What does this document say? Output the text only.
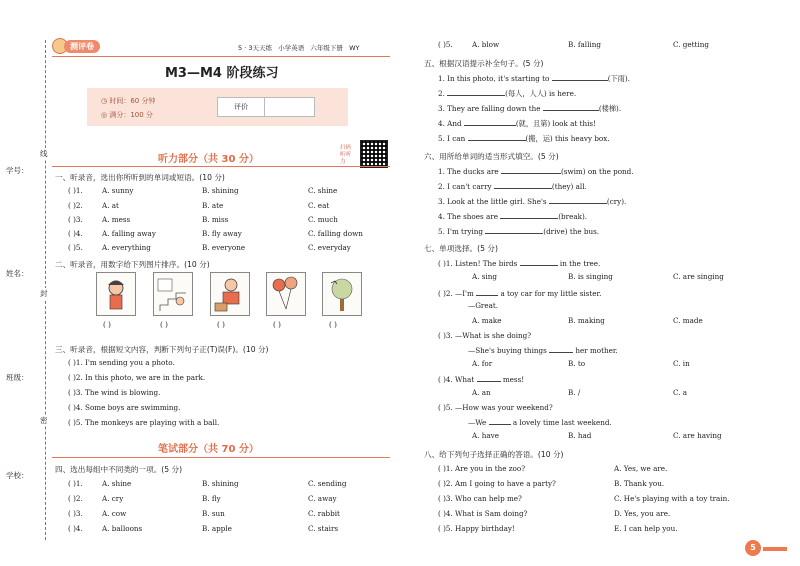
学号：
线
姓名：
封
班级：
密
学校：
测评卷	5 · 3天天练 小学英语 六年级下册 WY
M3—M4 阶段练习
◷ 时间：60 分钟
◎ 满分：100 分
评价
听力部分（共 30 分）
扫码 听听力
一、听录音，选出你所听到的单词或短语。(10 分)
( )1.	A. sunny	B. shining	C. shine
( )2.	A. at	B. ate	C. eat
( )3.	A. mess	B. miss	C. much
( )4.	A. falling away	B. fly away	C. falling down
( )5.	A. everything	B. everyone	C. everyday
二、听录音，用数字给下列图片排序。(10 分)
( )	( )	( )	( )	( )
三、听录音，根据短文内容，判断下列句子正(T)误(F)。(10 分)
( )1. I'm sending you a photo.
( )2. In this photo, we are in the park.
( )3. The wind is blowing.
( )4. Some boys are swimming.
( )5. The monkeys are playing with a ball.
笔试部分（共 70 分）
四、选出每组中不同类的一项。(5 分)
( )1.	A. shine	B. shining	C. sending
( )2.	A. cry	B. fly	C. away
( )3.	A. cow	B. sun	C. rabbit
( )4.	A. balloons	B. apple	C. stairs
( )5.	A. blow	B. falling	C. getting
五、根据汉语提示补全句子。(5 分)
1. In this photo, it's starting to	(下雨).
2.	(每人，人人) is here.
3. They are falling down the	(楼梯).
4. And	(就，且第) look at this!
5. I can	(搬，运) this heavy box.
六、用所给单词的适当形式填空。(5 分)
1. The ducks are	(swim) on the pond.
2. I can't carry	(they) all.
3. Look at the little girl. She's	(cry).
4. The shoes are	(break).
5. I'm trying	(drive) the bus.
七、单项选择。(5 分)
( )1. Listen! The birds	in the tree.
A. sing	B. is singing	C. are singing
( )2. —I'm	a toy car for my little sister.
—Great.
A. make	B. making	C. made
( )3. —What is she doing?
—She's buying things	her mother.
A. for	B. to	C. in
( )4. What	mess!
A. an	B. /	C. a
( )5. —How was your weekend?
—We	a lovely time last weekend.
A. have	B. had	C. are having
八、给下列句子选择正确的答语。(10 分)
( )1. Are you in the zoo?	A. Yes, we are.
( )2. Am I going to have a party?	B. Thank you.
( )3. Who can help me?	C. He's playing with a toy train.
( )4. What is Sam doing?	D. Yes, you are.
( )5. Happy birthday!	E. I can help you.
5
